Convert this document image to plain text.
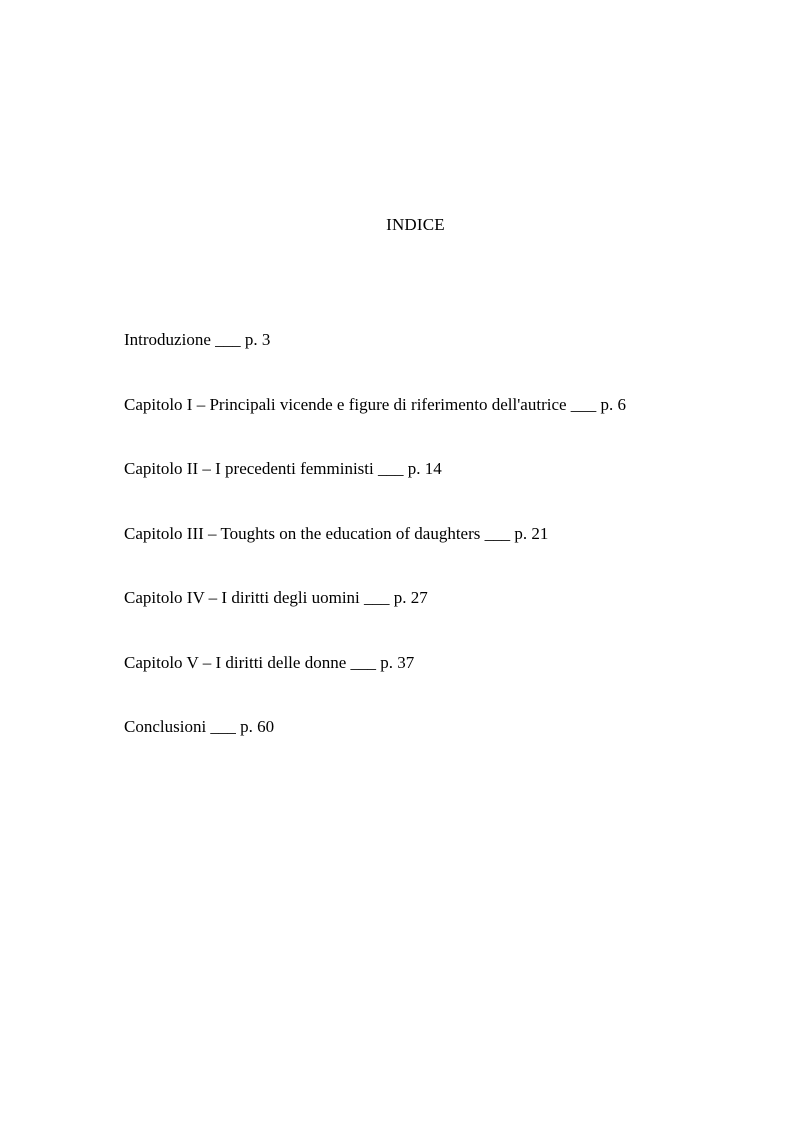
INDICE
Introduzione ___ p. 3
Capitolo I – Principali vicende e figure di riferimento dell'autrice ___ p. 6
Capitolo II – I precedenti femministi ___ p. 14
Capitolo III – Toughts on the education of daughters ___ p. 21
Capitolo IV – I diritti degli uomini ___ p. 27
Capitolo V – I diritti delle donne ___ p. 37
Conclusioni ___ p. 60
